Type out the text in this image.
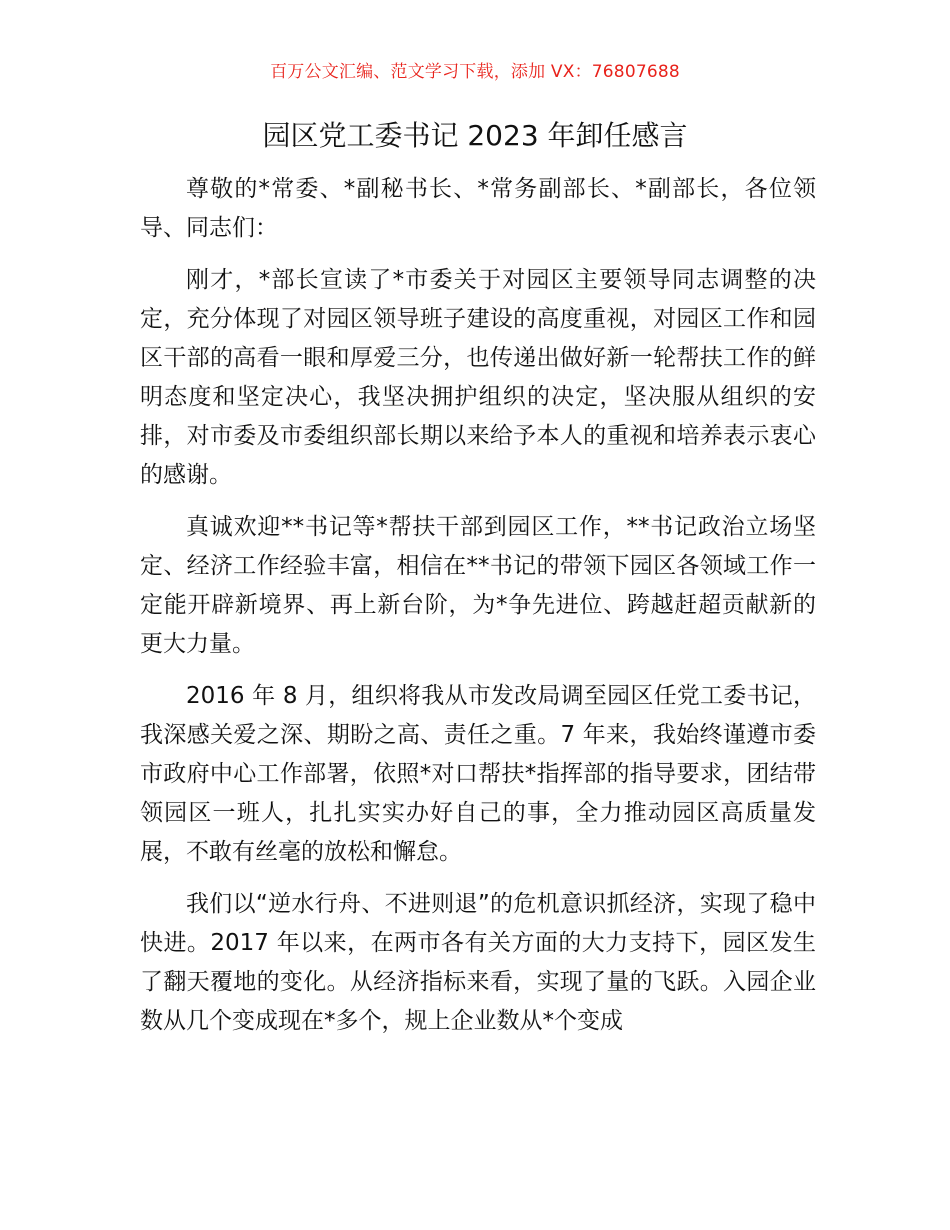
百万公文汇编、范文学习下载，添加 VX：76807688
园区党工委书记 2023 年卸任感言

尊敬的*常委、*副秘书长、*常务副部长、*副部长，各位领导、同志们：

刚才，*部长宣读了*市委关于对园区主要领导同志调整的决定，充分体现了对园区领导班子建设的高度重视，对园区工作和园区干部的高看一眼和厚爱三分，也传递出做好新一轮帮扶工作的鲜明态度和坚定决心，我坚决拥护组织的决定，坚决服从组织的安排，对市委及市委组织部长期以来给予本人的重视和培养表示衷心的感谢。

真诚欢迎**书记等*帮扶干部到园区工作，**书记政治立场坚定、经济工作经验丰富，相信在**书记的带领下园区各领域工作一定能开辟新境界、再上新台阶，为*争先进位、跨越赶超贡献新的更大力量。

2016 年 8 月，组织将我从市发改局调至园区任党工委书记，我深感关爱之深、期盼之高、责任之重。7 年来，我始终谨遵市委市政府中心工作部署，依照*对口帮扶*指挥部的指导要求，团结带领园区一班人，扎扎实实办好自己的事，全力推动园区高质量发展，不敢有丝毫的放松和懈怠。

我们以“逆水行舟、不进则退”的危机意识抓经济，实现了稳中快进。2017 年以来，在两市各有关方面的大力支持下，园区发生了翻天覆地的变化。从经济指标来看，实现了量的飞跃。入园企业数从几个变成现在*多个，规上企业数从*个变成
